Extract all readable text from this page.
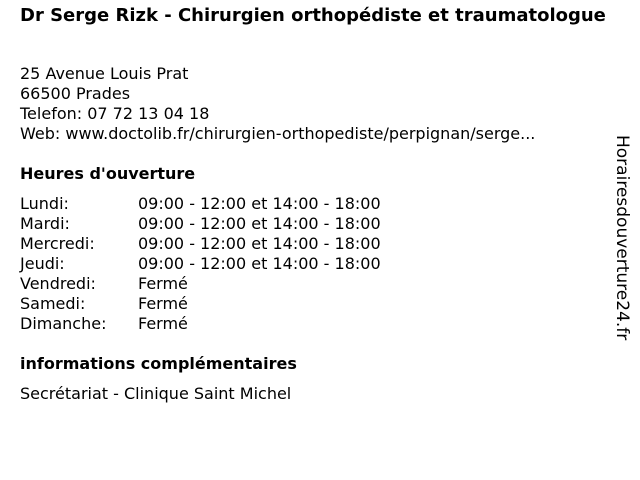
Dr Serge Rizk - Chirurgien orthopédiste et traumatologue
25 Avenue Louis Prat
66500 Prades
Telefon: 07 72 13 04 18
Web: www.doctolib.fr/chirurgien-orthopediste/perpignan/serge...
Heures d'ouverture
Lundi:	09:00 - 12:00 et 14:00 - 18:00
Mardi:	09:00 - 12:00 et 14:00 - 18:00
Mercredi:	09:00 - 12:00 et 14:00 - 18:00
Jeudi:	09:00 - 12:00 et 14:00 - 18:00
Vendredi:	Fermé
Samedi:	Fermé
Dimanche:	Fermé
informations complémentaires
Secrétariat - Clinique Saint Michel
Horairesdouverture24.fr
